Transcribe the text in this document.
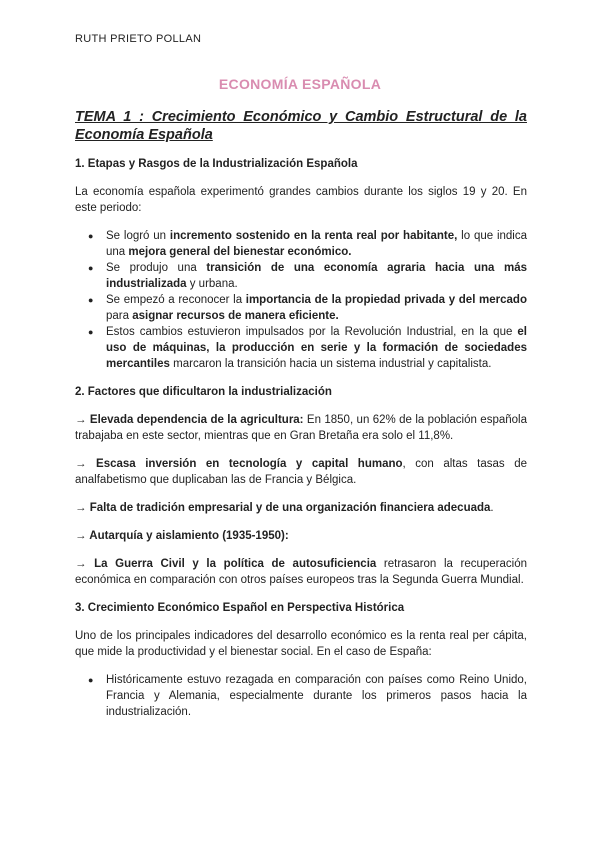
RUTH PRIETO POLLAN
ECONOMÍA ESPAÑOLA
TEMA 1 : Crecimiento Económico y Cambio Estructural de la Economía Española
1. Etapas y Rasgos de la Industrialización Española

La economía española experimentó grandes cambios durante los siglos 19 y 20. En este periodo:

● Se logró un incremento sostenido en la renta real por habitante, lo que indica una mejora general del bienestar económico.
● Se produjo una transición de una economía agraria hacia una más industrializada y urbana.
● Se empezó a reconocer la importancia de la propiedad privada y del mercado para asignar recursos de manera eficiente.
● Estos cambios estuvieron impulsados por la Revolución Industrial, en la que el uso de máquinas, la producción en serie y la formación de sociedades mercantiles marcaron la transición hacia un sistema industrial y capitalista.
2. Factores que dificultaron la industrialización

→ Elevada dependencia de la agricultura: En 1850, un 62% de la población española trabajaba en este sector, mientras que en Gran Bretaña era solo el 11,8%.

→ Escasa inversión en tecnología y capital humano, con altas tasas de analfabetismo que duplicaban las de Francia y Bélgica.

→ Falta de tradición empresarial y de una organización financiera adecuada.

→ Autarquía y aislamiento (1935-1950):

→ La Guerra Civil y la política de autosuficiencia retrasaron la recuperación económica en comparación con otros países europeos tras la Segunda Guerra Mundial.

3. Crecimiento Económico Español en Perspectiva Histórica

Uno de los principales indicadores del desarrollo económico es la renta real per cápita, que mide la productividad y el bienestar social. En el caso de España:

● Históricamente estuvo rezagada en comparación con países como Reino Unido, Francia y Alemania, especialmente durante los primeros pasos hacia la industrialización.
